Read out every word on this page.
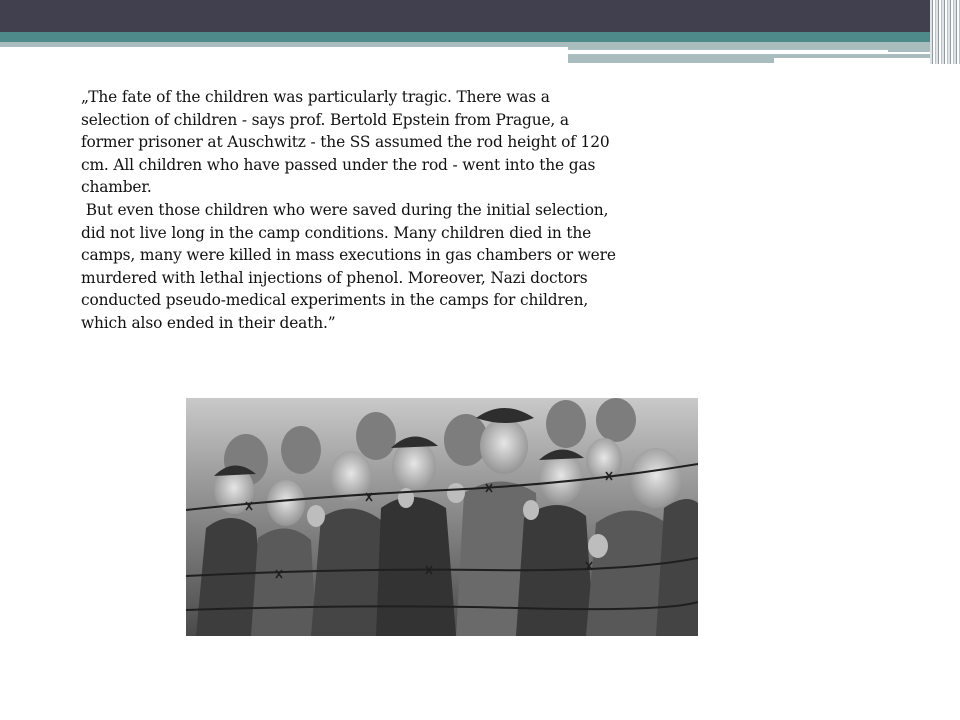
„The fate of the children was particularly tragic. There was a selection of children - says prof. Bertold Epstein from Prague, a former prisoner at Auschwitz - the SS assumed the rod height of 120 cm. All children who have passed under the rod - went into the gas chamber.

But even those children who were saved during the initial selection, did not live long in the camp conditions. Many children died in the camps, many were killed in mass executions in gas chambers or were murdered with lethal injections of phenol. Moreover, Nazi doctors conducted pseudo-medical experiments in the camps for children, which also ended in their death.”
